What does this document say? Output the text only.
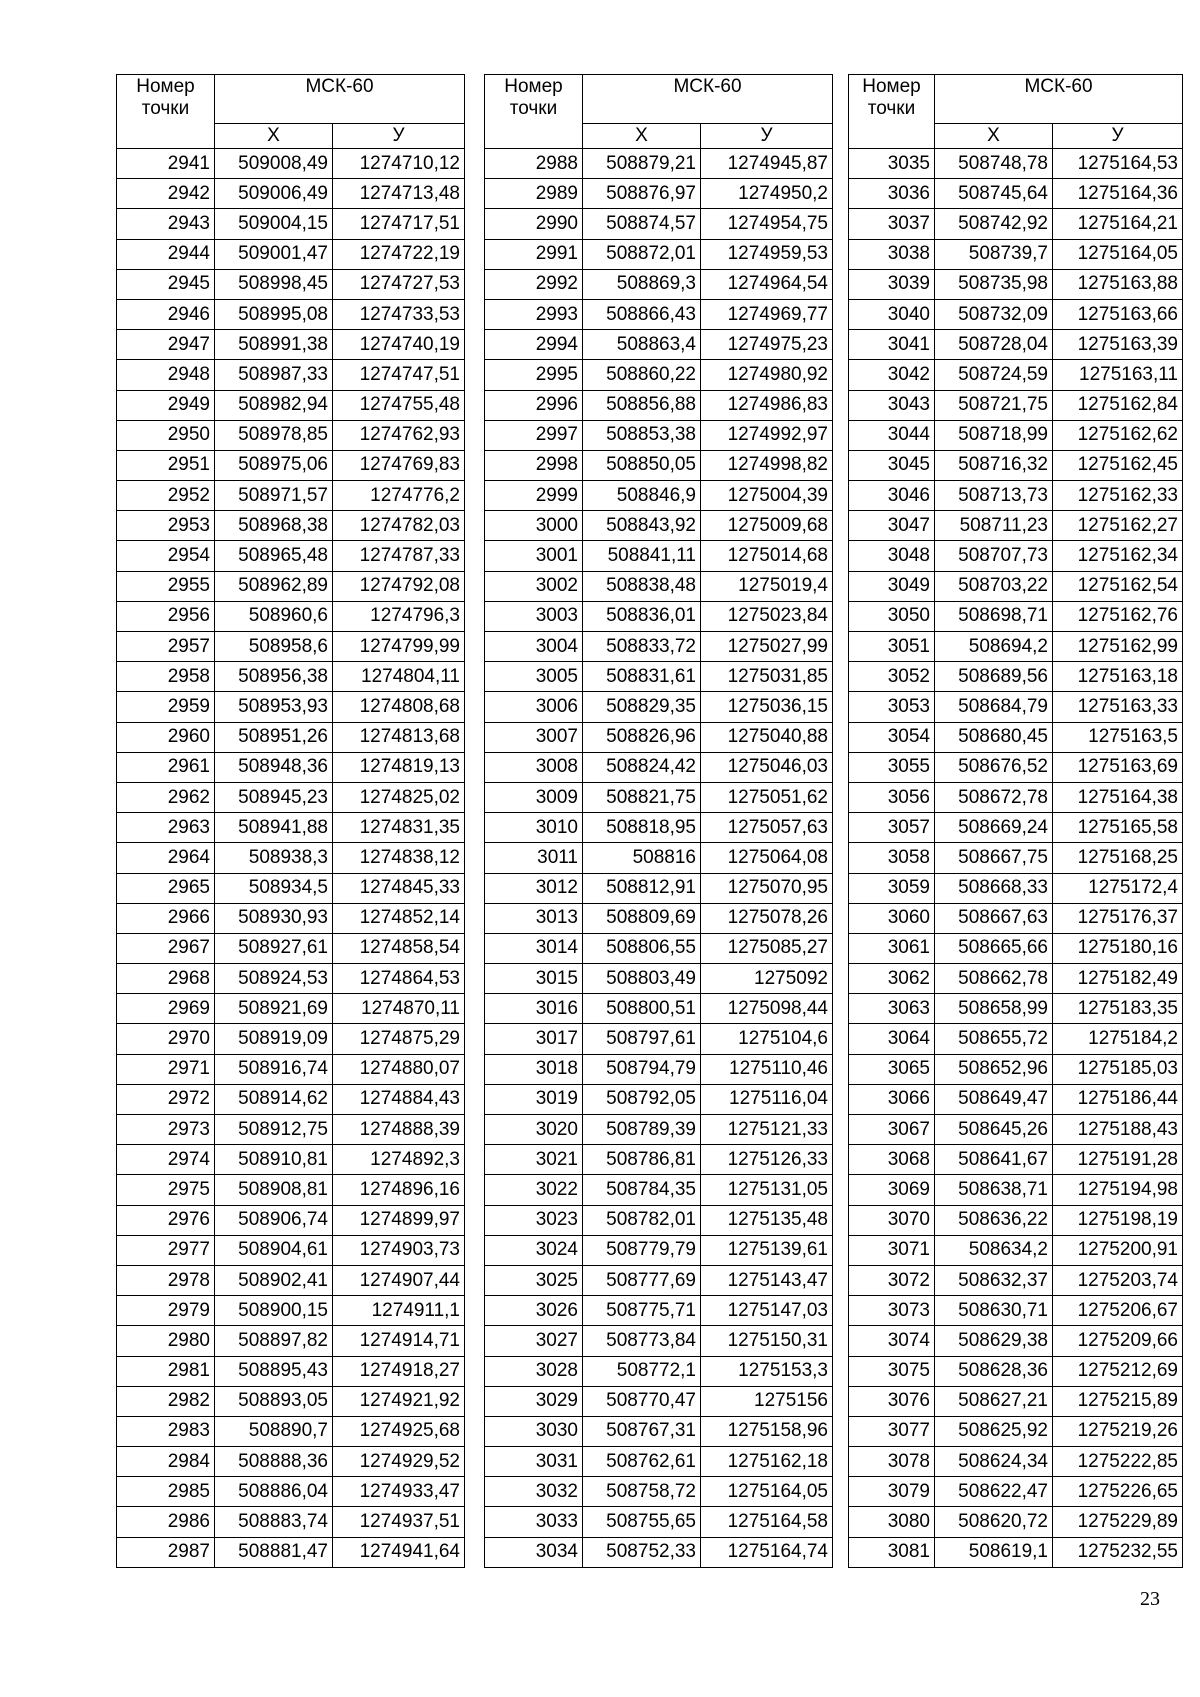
Номер точки	МСК-60	
	X	У
2941	509008,49	1274710,12
2942	509006,49	1274713,48
2943	509004,15	1274717,51
2944	509001,47	1274722,19
2945	508998,45	1274727,53
2946	508995,08	1274733,53
2947	508991,38	1274740,19
2948	508987,33	1274747,51
2949	508982,94	1274755,48
2950	508978,85	1274762,93
2951	508975,06	1274769,83
2952	508971,57	1274776,2
2953	508968,38	1274782,03
2954	508965,48	1274787,33
2955	508962,89	1274792,08
2956	508960,6	1274796,3
2957	508958,6	1274799,99
2958	508956,38	1274804,11
2959	508953,93	1274808,68
2960	508951,26	1274813,68
2961	508948,36	1274819,13
2962	508945,23	1274825,02
2963	508941,88	1274831,35
2964	508938,3	1274838,12
2965	508934,5	1274845,33
2966	508930,93	1274852,14
2967	508927,61	1274858,54
2968	508924,53	1274864,53
2969	508921,69	1274870,11
2970	508919,09	1274875,29
2971	508916,74	1274880,07
2972	508914,62	1274884,43
2973	508912,75	1274888,39
2974	508910,81	1274892,3
2975	508908,81	1274896,16
2976	508906,74	1274899,97
2977	508904,61	1274903,73
2978	508902,41	1274907,44
2979	508900,15	1274911,1
2980	508897,82	1274914,71
2981	508895,43	1274918,27
2982	508893,05	1274921,92
2983	508890,7	1274925,68
2984	508888,36	1274929,52
2985	508886,04	1274933,47
2986	508883,74	1274937,51
2987	508881,47	1274941,64
Номер точки	МСК-60	
	X	У
2988	508879,21	1274945,87
2989	508876,97	1274950,2
2990	508874,57	1274954,75
2991	508872,01	1274959,53
2992	508869,3	1274964,54
2993	508866,43	1274969,77
2994	508863,4	1274975,23
2995	508860,22	1274980,92
2996	508856,88	1274986,83
2997	508853,38	1274992,97
2998	508850,05	1274998,82
2999	508846,9	1275004,39
3000	508843,92	1275009,68
3001	508841,11	1275014,68
3002	508838,48	1275019,4
3003	508836,01	1275023,84
3004	508833,72	1275027,99
3005	508831,61	1275031,85
3006	508829,35	1275036,15
3007	508826,96	1275040,88
3008	508824,42	1275046,03
3009	508821,75	1275051,62
3010	508818,95	1275057,63
3011	508816	1275064,08
3012	508812,91	1275070,95
3013	508809,69	1275078,26
3014	508806,55	1275085,27
3015	508803,49	1275092
3016	508800,51	1275098,44
3017	508797,61	1275104,6
3018	508794,79	1275110,46
3019	508792,05	1275116,04
3020	508789,39	1275121,33
3021	508786,81	1275126,33
3022	508784,35	1275131,05
3023	508782,01	1275135,48
3024	508779,79	1275139,61
3025	508777,69	1275143,47
3026	508775,71	1275147,03
3027	508773,84	1275150,31
3028	508772,1	1275153,3
3029	508770,47	1275156
3030	508767,31	1275158,96
3031	508762,61	1275162,18
3032	508758,72	1275164,05
3033	508755,65	1275164,58
3034	508752,33	1275164,74
Номер точки	МСК-60	
	X	У
3035	508748,78	1275164,53
3036	508745,64	1275164,36
3037	508742,92	1275164,21
3038	508739,7	1275164,05
3039	508735,98	1275163,88
3040	508732,09	1275163,66
3041	508728,04	1275163,39
3042	508724,59	1275163,11
3043	508721,75	1275162,84
3044	508718,99	1275162,62
3045	508716,32	1275162,45
3046	508713,73	1275162,33
3047	508711,23	1275162,27
3048	508707,73	1275162,34
3049	508703,22	1275162,54
3050	508698,71	1275162,76
3051	508694,2	1275162,99
3052	508689,56	1275163,18
3053	508684,79	1275163,33
3054	508680,45	1275163,5
3055	508676,52	1275163,69
3056	508672,78	1275164,38
3057	508669,24	1275165,58
3058	508667,75	1275168,25
3059	508668,33	1275172,4
3060	508667,63	1275176,37
3061	508665,66	1275180,16
3062	508662,78	1275182,49
3063	508658,99	1275183,35
3064	508655,72	1275184,2
3065	508652,96	1275185,03
3066	508649,47	1275186,44
3067	508645,26	1275188,43
3068	508641,67	1275191,28
3069	508638,71	1275194,98
3070	508636,22	1275198,19
3071	508634,2	1275200,91
3072	508632,37	1275203,74
3073	508630,71	1275206,67
3074	508629,38	1275209,66
3075	508628,36	1275212,69
3076	508627,21	1275215,89
3077	508625,92	1275219,26
3078	508624,34	1275222,85
3079	508622,47	1275226,65
3080	508620,72	1275229,89
3081	508619,1	1275232,55
23
